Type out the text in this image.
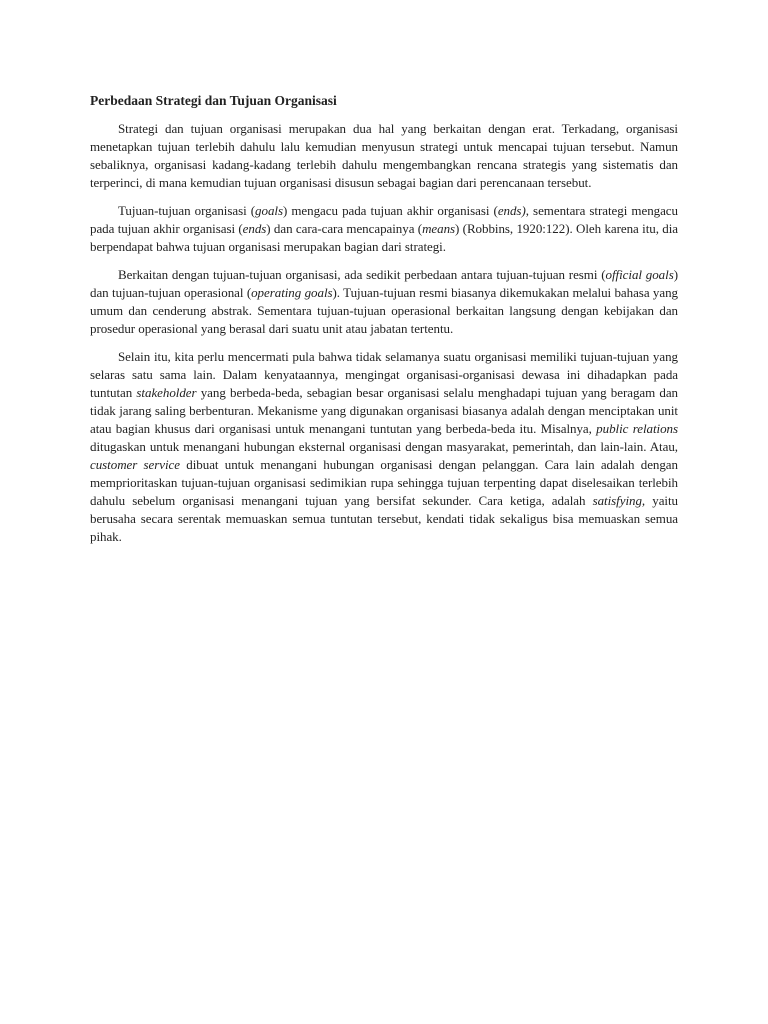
Perbedaan Strategi dan Tujuan Organisasi

Strategi dan tujuan organisasi merupakan dua hal yang berkaitan dengan erat. Terkadang, organisasi menetapkan tujuan terlebih dahulu lalu kemudian menyusun strategi untuk mencapai tujuan tersebut. Namun sebaliknya, organisasi kadang-kadang terlebih dahulu mengembangkan rencana strategis yang sistematis dan terperinci, di mana kemudian tujuan organisasi disusun sebagai bagian dari perencanaan tersebut.

Tujuan-tujuan organisasi (goals) mengacu pada tujuan akhir organisasi (ends), sementara strategi mengacu pada tujuan akhir organisasi (ends) dan cara-cara mencapainya (means) (Robbins, 1920:122). Oleh karena itu, dia berpendapat bahwa tujuan organisasi merupakan bagian dari strategi.

Berkaitan dengan tujuan-tujuan organisasi, ada sedikit perbedaan antara tujuan-tujuan resmi (official goals) dan tujuan-tujuan operasional (operating goals). Tujuan-tujuan resmi biasanya dikemukakan melalui bahasa yang umum dan cenderung abstrak. Sementara tujuan-tujuan operasional berkaitan langsung dengan kebijakan dan prosedur operasional yang berasal dari suatu unit atau jabatan tertentu.

Selain itu, kita perlu mencermati pula bahwa tidak selamanya suatu organisasi memiliki tujuan-tujuan yang selaras satu sama lain. Dalam kenyataannya, mengingat organisasi-organisasi dewasa ini dihadapkan pada tuntutan stakeholder yang berbeda-beda, sebagian besar organisasi selalu menghadapi tujuan yang beragam dan tidak jarang saling berbenturan. Mekanisme yang digunakan organisasi biasanya adalah dengan menciptakan unit atau bagian khusus dari organisasi untuk menangani tuntutan yang berbeda-beda itu. Misalnya, public relations ditugaskan untuk menangani hubungan eksternal organisasi dengan masyarakat, pemerintah, dan lain-lain. Atau, customer service dibuat untuk menangani hubungan organisasi dengan pelanggan. Cara lain adalah dengan memprioritaskan tujuan-tujuan organisasi sedimikian rupa sehingga tujuan terpenting dapat diselesaikan terlebih dahulu sebelum organisasi menangani tujuan yang bersifat sekunder. Cara ketiga, adalah satisfying, yaitu berusaha secara serentak memuaskan semua tuntutan tersebut, kendati tidak sekaligus bisa memuaskan semua pihak.
